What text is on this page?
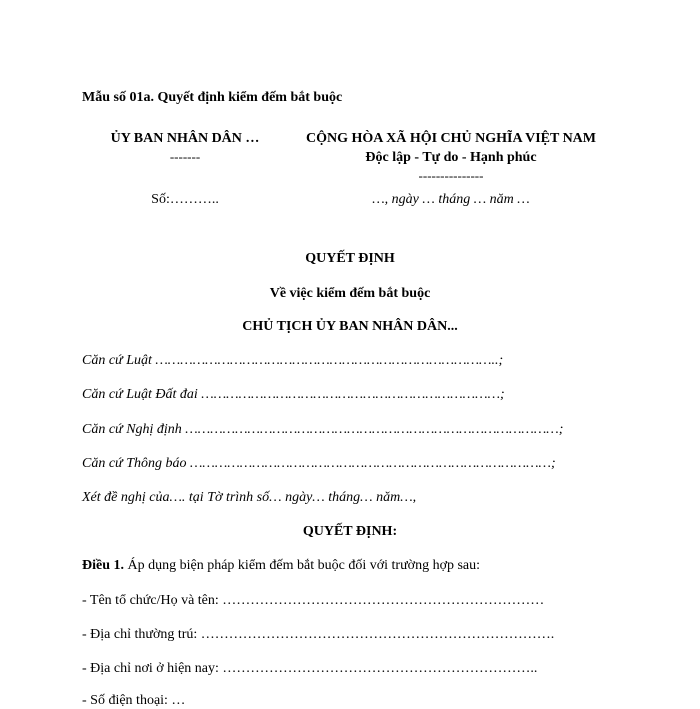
Mẫu số 01a. Quyết định kiểm đếm bắt buộc
ỦY BAN NHÂN DÂN …
-------
Số:………..
CỘNG HÒA XÃ HỘI CHỦ NGHĨA VIỆT NAM
Độc lập - Tự do - Hạnh phúc
---------------
…, ngày … tháng … năm …
QUYẾT ĐỊNH
Về việc kiểm đếm bắt buộc
CHỦ TỊCH ỦY BAN NHÂN DÂN...
Căn cứ Luật ………………………………………………………………………..;
Căn cứ Luật Đất đai ………………………………………………………………;
Căn cứ Nghị định ………………………………………………………………………………;
Căn cứ Thông báo ……………………………………………………………………………;
Xét đề nghị của…. tại Tờ trình số… ngày… tháng… năm…,
QUYẾT ĐỊNH:
Điều 1. Áp dụng biện pháp kiểm đếm bắt buộc đối với trường hợp sau:
- Tên tổ chức/Họ và tên: ……………………………………………………………
- Địa chỉ thường trú: ………………………………………………………………….
- Địa chỉ nơi ở hiện nay: …………………………………………………………..
- Số điện thoại: …
